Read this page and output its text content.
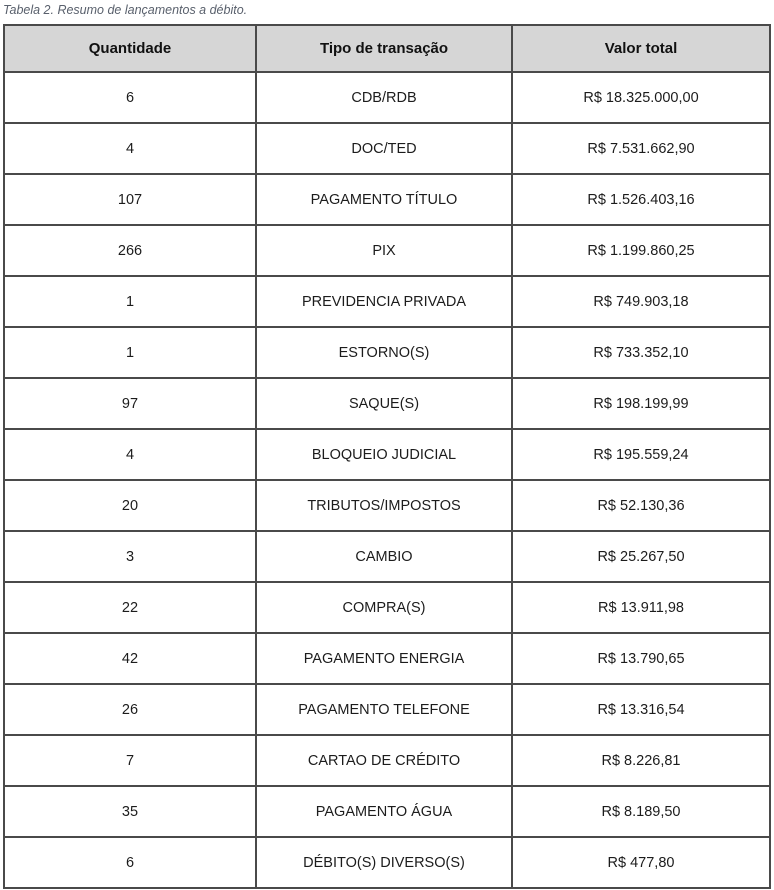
Tabela 2. Resumo de lançamentos a débito.
Quantidade	Tipo de transação	Valor total
6	CDB/RDB	R$ 18.325.000,00
4	DOC/TED	R$ 7.531.662,90
107	PAGAMENTO TÍTULO	R$ 1.526.403,16
266	PIX	R$ 1.199.860,25
1	PREVIDENCIA PRIVADA	R$ 749.903,18
1	ESTORNO(S)	R$ 733.352,10
97	SAQUE(S)	R$ 198.199,99
4	BLOQUEIO JUDICIAL	R$ 195.559,24
20	TRIBUTOS/IMPOSTOS	R$ 52.130,36
3	CAMBIO	R$ 25.267,50
22	COMPRA(S)	R$ 13.911,98
42	PAGAMENTO ENERGIA	R$ 13.790,65
26	PAGAMENTO TELEFONE	R$ 13.316,54
7	CARTAO DE CRÉDITO	R$ 8.226,81
35	PAGAMENTO ÁGUA	R$ 8.189,50
6	DÉBITO(S) DIVERSO(S)	R$ 477,80
